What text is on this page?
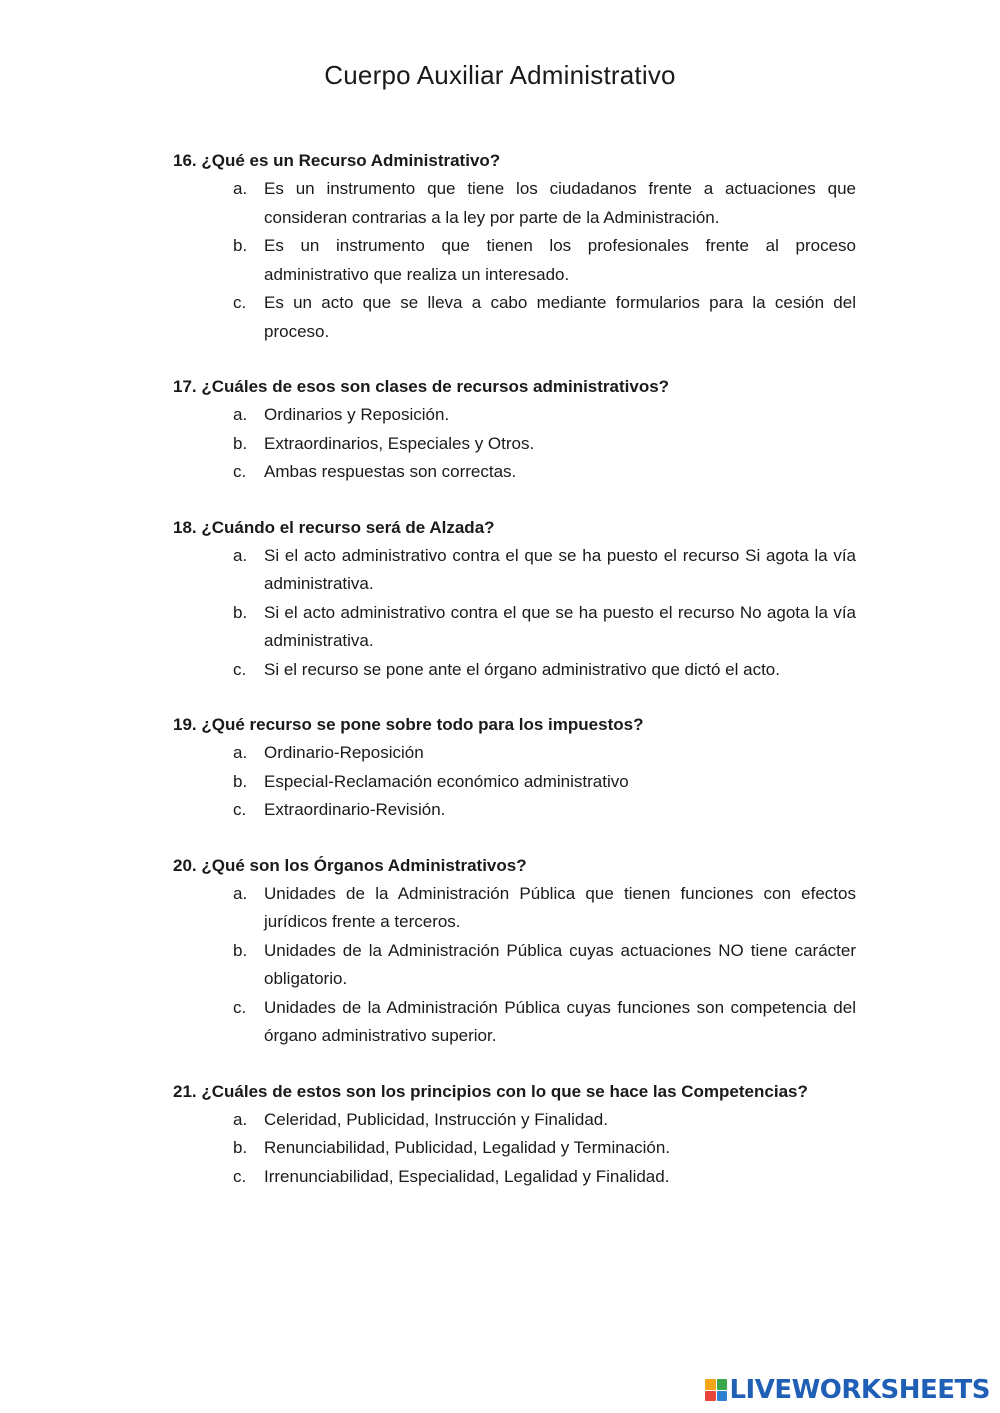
Cuerpo Auxiliar Administrativo
16. ¿Qué es un Recurso Administrativo?
a. Es un instrumento que tiene los ciudadanos frente a actuaciones que consideran contrarias a la ley por parte de la Administración.
b. Es un instrumento que tienen los profesionales frente al proceso administrativo que realiza un interesado.
c.	Es un acto que se lleva a cabo mediante formularios para la cesión del proceso.
17. ¿Cuáles de esos son clases de recursos administrativos?
a. Ordinarios y Reposición.
b. Extraordinarios, Especiales y Otros.
c.	Ambas respuestas son correctas.
18. ¿Cuándo el recurso será de Alzada?
a. Si el acto administrativo contra el que se ha puesto el recurso Si agota la vía administrativa.
b. Si el acto administrativo contra el que se ha puesto el recurso No agota la vía administrativa.
c.	Si el recurso se pone ante el órgano administrativo que dictó el acto.
19. ¿Qué recurso se pone sobre todo para los impuestos?
a. Ordinario-Reposición
b. Especial-Reclamación económico administrativo
c.	Extraordinario-Revisión.
20. ¿Qué son los Órganos Administrativos?
a. Unidades de la Administración Pública que tienen funciones con efectos jurídicos frente a terceros.
b. Unidades de la Administración Pública cuyas actuaciones NO tiene carácter obligatorio.
c.	Unidades de la Administración Pública cuyas funciones son competencia del órgano administrativo superior.
21. ¿Cuáles de estos son los principios con lo que se hace las Competencias?
a. Celeridad, Publicidad, Instrucción y Finalidad.
b. Renunciabilidad, Publicidad, Legalidad y Terminación.
c.	Irrenunciabilidad, Especialidad, Legalidad y Finalidad.
LIVEWORKSHEETS
